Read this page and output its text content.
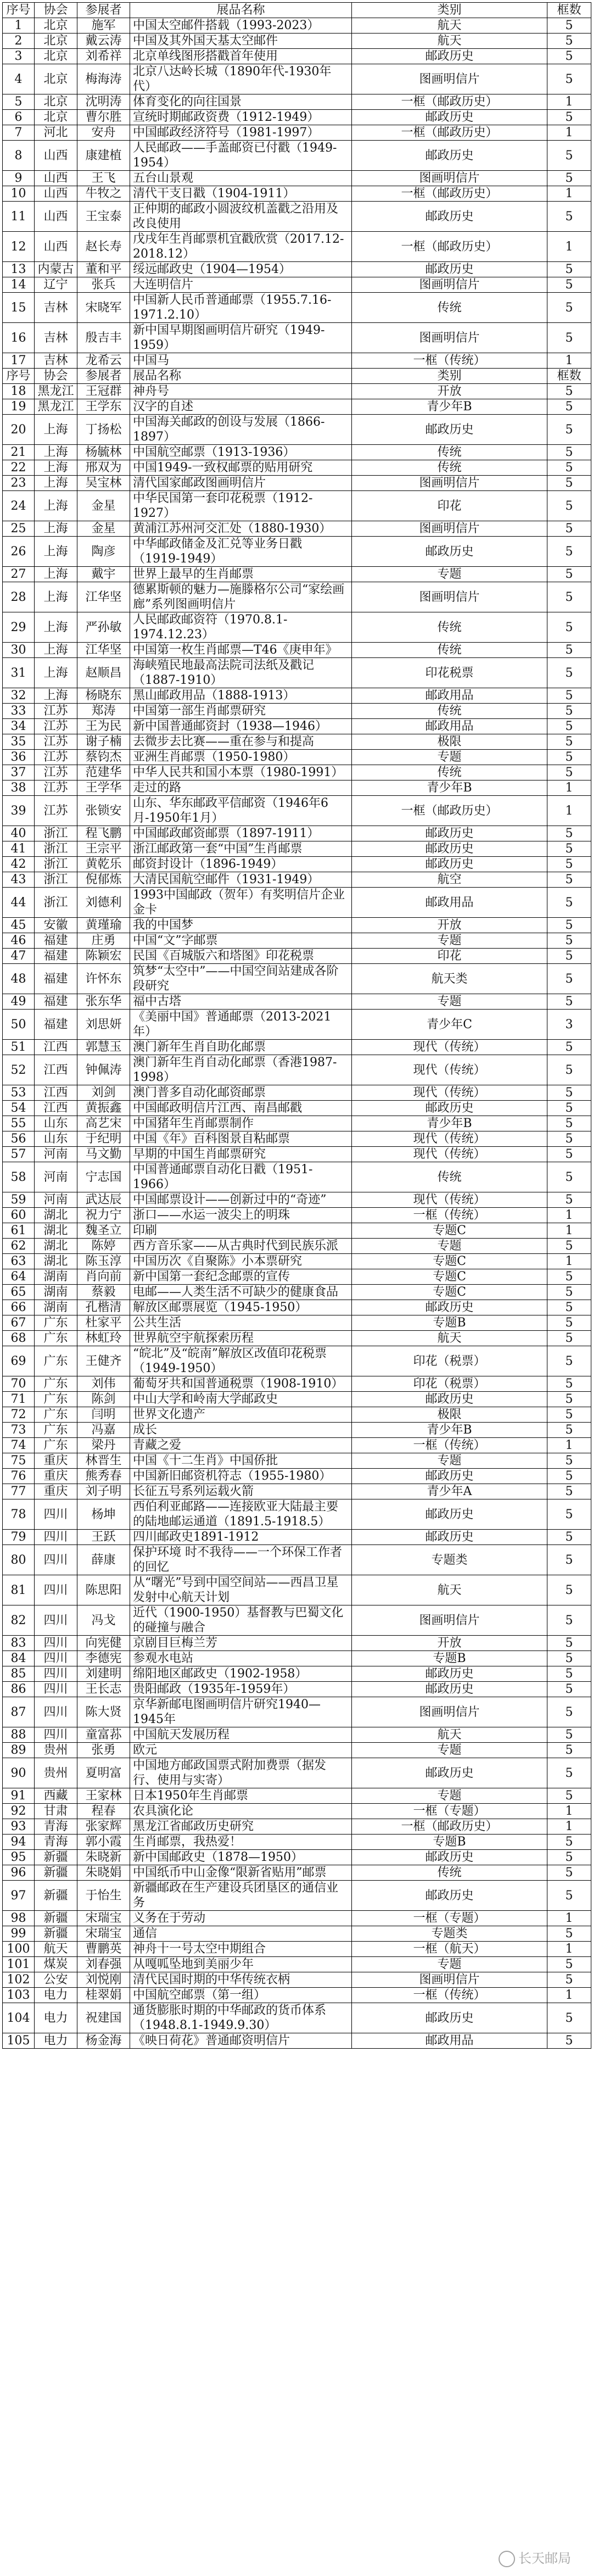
序号	协会	参展者	展品名称	类别	框数
1	北京	施军	中国太空邮件搭载（1993-2023）	航天	5
2	北京	戴云涛	中国及其外国天基太空邮件	航天	5
3	北京	刘希祥	北京单线图形搭戳首年使用	邮政历史	5
4	北京	梅海涛	北京八达岭长城（1890年代-1930年代）	图画明信片	5
5	北京	沈明涛	体育变化的向往国景	一框（邮政历史）	1
6	北京	曹尔胜	宣统时期邮政资费（1912-1949）	邮政历史	5
7	河北	安舟	中国邮政经济符号（1981-1997）	一框（邮政历史）	1
8	山西	康建植	人民邮政——手盖邮资已付戳（1949-1954）	邮政历史	5
9	山西	王飞	五台山景观	图画明信片	5
10	山西	牛牧之	清代干支日戳（1904-1911）	一框（邮政历史）	1
11	山西	王宝泰	正仲期的邮政小圆波纹机盖戳之沿用及改良使用	邮政历史	5
12	山西	赵长寿	戊戌年生肖邮票机宜戳欣赏（2017.12-2018.12）	一框（邮政历史）	1
13	内蒙古	董和平	绥远邮政史（1904—1954）	邮政历史	5
14	辽宁	张兵	大连明信片	图画明信片	5
15	吉林	宋晓军	中国新人民币普通邮票（1955.7.16-1971.2.10）	传统	5
16	吉林	殷吉丰	新中国早期图画明信片研究（1949-1959）	图画明信片	5
17	吉林	龙希云	中国马	一框（传统）	1
序号	协会	参展者	展品名称	类别	框数
18	黑龙江	王冠群	神舟号	开放	5
19	黑龙江	王学东	汉字的自述	青少年B	5
20	上海	丁扬松	中国海关邮政的创设与发展（1866-1897）	邮政历史	5
21	上海	杨毓林	中国航空邮票（1913-1936）	传统	5
22	上海	邢双为	中国1949-一致权邮票的贴用研究	传统	5
23	上海	吴宝林	清代国家邮政图画明信片	图画明信片	5
24	上海	金星	中华民国第一套印花税票（1912-1927）	印花	5
25	上海	金星	黄浦江苏州河交汇处（1880-1930）	图画明信片	5
26	上海	陶彦	中华邮政储金及汇兑等业务日戳（1919-1949）	邮政历史	5
27	上海	戴宇	世界上最早的生肖邮票	专题	5
28	上海	江华坚	德累斯顿的魅力—施滕格尔公司“家绘画廊”系列图画明信片	图画明信片	5
29	上海	严孙敏	人民邮政邮资符（1970.8.1-1974.12.23）	传统	5
30	上海	江华坚	中国第一枚生肖邮票—T46《庚申年》	传统	5
31	上海	赵顺昌	海峡殖民地最高法院司法纸及戳记（1887-1910）	印花税票	5
32	上海	杨晓东	黑山邮政用品（1888-1913）	邮政用品	5
33	江苏	郑涛	中国第一部生肖邮票研究	传统	5
34	江苏	王为民	新中国普通邮资封（1938—1946）	邮政用品	5
35	江苏	谢子楠	去微步去比赛——重在参与和提高	极限	5
36	江苏	蔡钧杰	亚洲生肖邮票（1950-1980）	专题	5
37	江苏	范建华	中华人民共和国小本票（1980-1991）	传统	5
38	江苏	王学华	走过的路	青少年B	1
39	江苏	张锁安	山东、华东邮政平信邮资（1946年6月-1950年1月）	一框（邮政历史）	1
40	浙江	程飞鹏	中国邮政邮资邮票（1897-1911）	邮政历史	5
41	浙江	王宗平	浙江邮政第一套“中国”生肖邮票	邮政历史	5
42	浙江	黄乾乐	邮资封设计（1896-1949）	邮政历史	5
43	浙江	倪郁炼	大清民国航空邮件（1931-1949）	航空	5
44	浙江	刘德利	1993中国邮政（贺年）有奖明信片企业金卡	邮政用品	5
45	安徽	黄瑾瑜	我的中国梦	开放	5
46	福建	庄勇	中国“文”字邮票	专题	5
47	福建	陈颖宏	民国《百城版六和塔图》印花税票	印花	5
48	福建	许怀东	筑梦“太空中”——中国空间站建成各阶段研究	航天类	5
49	福建	张东华	福中古塔	专题	5
50	福建	刘思妍	《美丽中国》普通邮票（2013-2021年）	青少年C	3
51	江西	郭慧玉	澳门新年生肖自助化邮票	现代（传统）	5
52	江西	钟佩涛	澳门新年生肖自动化邮票（香港1987-1998）	现代（传统）	5
53	江西	刘剑	澳门普多自动化邮资邮票	现代（传统）	5
54	江西	黄振鑫	中国邮政明信片江西、南昌邮戳	邮政历史	5
55	山东	高艺宋	中国猪年生肖邮票制作	青少年B	5
56	山东	于纪明	中国《年》百科图景自粘邮票	现代（传统）	5
57	河南	马文勤	早期的中国生肖邮票研究	现代（传统）	5
58	河南	宁志国	中国普通邮票自动化日戳（1951-1966）	传统	5
59	河南	武达辰	中国邮票设计——创新过中的“奇迹”	现代（传统）	5
60	湖北	祝力宁	浙口——水运一波尖上的明珠	一框（传统）	1
61	湖北	魏圣立	印刷	专题C	1
62	湖北	陈婷	西方音乐家——从古典时代到民族乐派	专题	5
63	湖北	陈玉淳	中国历次《自聚陈》小本票研究	专题C	1
64	湖南	肖向前	新中国第一套纪念邮票的宣传	专题C	5
65	湖南	蔡毅	电邮——人类生活不可缺少的健康食品	专题C	5
66	湖南	孔楷清	解放区邮票展览（1945-1950）	邮政历史	5
67	广东	杜家平	公共生活	专题B	5
68	广东	林虹玲	世界航空宇航探索历程	航天	5
69	广东	王健齐	“皖北”及“皖南”解放区改值印花税票（1949-1950）	印花（税票）	5
70	广东	刘伟	葡萄牙共和国普通税票（1908-1910）	印花（税票）	5
71	广东	陈剑	中山大学和岭南大学邮政史	邮政历史	5
72	广东	闫明	世界文化遗产	极限	5
73	广东	冯嘉	成长	青少年B	5
74	广东	梁丹	青藏之爱	一框（传统）	1
75	重庆	林晋生	中国《十二生肖》中国侨批	专题	5
76	重庆	熊秀春	中国新旧邮资机符志（1955-1980）	邮政历史	5
77	重庆	刘子明	长征五号系列运载火箭	青少年A	5
78	四川	杨坤	西伯利亚邮路——连接欧亚大陆最主要的陆地邮运通道（1891.5-1918.5）	邮政历史	5
79	四川	王跃	四川邮政史1891-1912	邮政历史	5
80	四川	薛康	保护环境 时不我待——一个环保工作者的回忆	专题类	5
81	四川	陈思阳	从“曙光”号到中国空间站——西昌卫星发射中心航天计划	航天	5
82	四川	冯戈	近代（1900-1950）基督教与巴蜀文化的碰撞与融合	图画明信片	5
83	四川	向宪健	京剧目巨梅兰芳	开放	5
84	四川	李德宪	参观水电站	专题B	5
85	四川	刘建明	绵阳地区邮政史（1902-1958）	邮政历史	5
86	四川	王长志	贵阳邮政（1935年-1959年）	邮政历史	5
87	四川	陈大贤	京华新邮电图画明信片研究1940—1945年	图画明信片	5
88	四川	童富荪	中国航天发展历程	航天	5
89	贵州	张勇	欧元	专题	5
90	贵州	夏明富	中国地方邮政国票式附加费票（据发行、使用与实寄）	邮政历史	5
91	西藏	王家林	日本1950年生肖邮票	专题	5
92	甘肃	程春	农具演化论	一框（专题）	1
93	青海	张家辉	黑龙江省邮政历史研究	一框（邮政历史）	1
94	青海	郭小霞	生肖邮票，我热爱！	专题B	5
95	新疆	朱晓新	新中国邮政史（1878—1950）	邮政历史	5
96	新疆	朱晓娟	中国纸币中山金像“限新省贴用”邮票	传统	5
97	新疆	于怡生	新疆邮政在生产建设兵团垦区的通信业务	邮政历史	5
98	新疆	宋瑞宝	义务在于劳动	一框（专题）	1
99	新疆	宋瑞宝	通信	专题类	5
100	航天	曹鹏英	神舟十一号太空中期组合	一框（航天）	1
101	煤炭	刘春强	从嘎呱坠地到美丽少年	专题	5
102	公安	刘悦刚	清代民国时期的中华传统衣柄	图画明信片	5
103	电力	桂翠娟	中国航空邮票（第一组）	一框（传统）	1
104	电力	祝建国	通货膨胀时期的中华邮政的货币体系（1948.8.1-1949.9.30）	邮政历史	5
105	电力	杨金海	《映日荷花》普通邮资明信片	邮政用品	5
长天邮局
